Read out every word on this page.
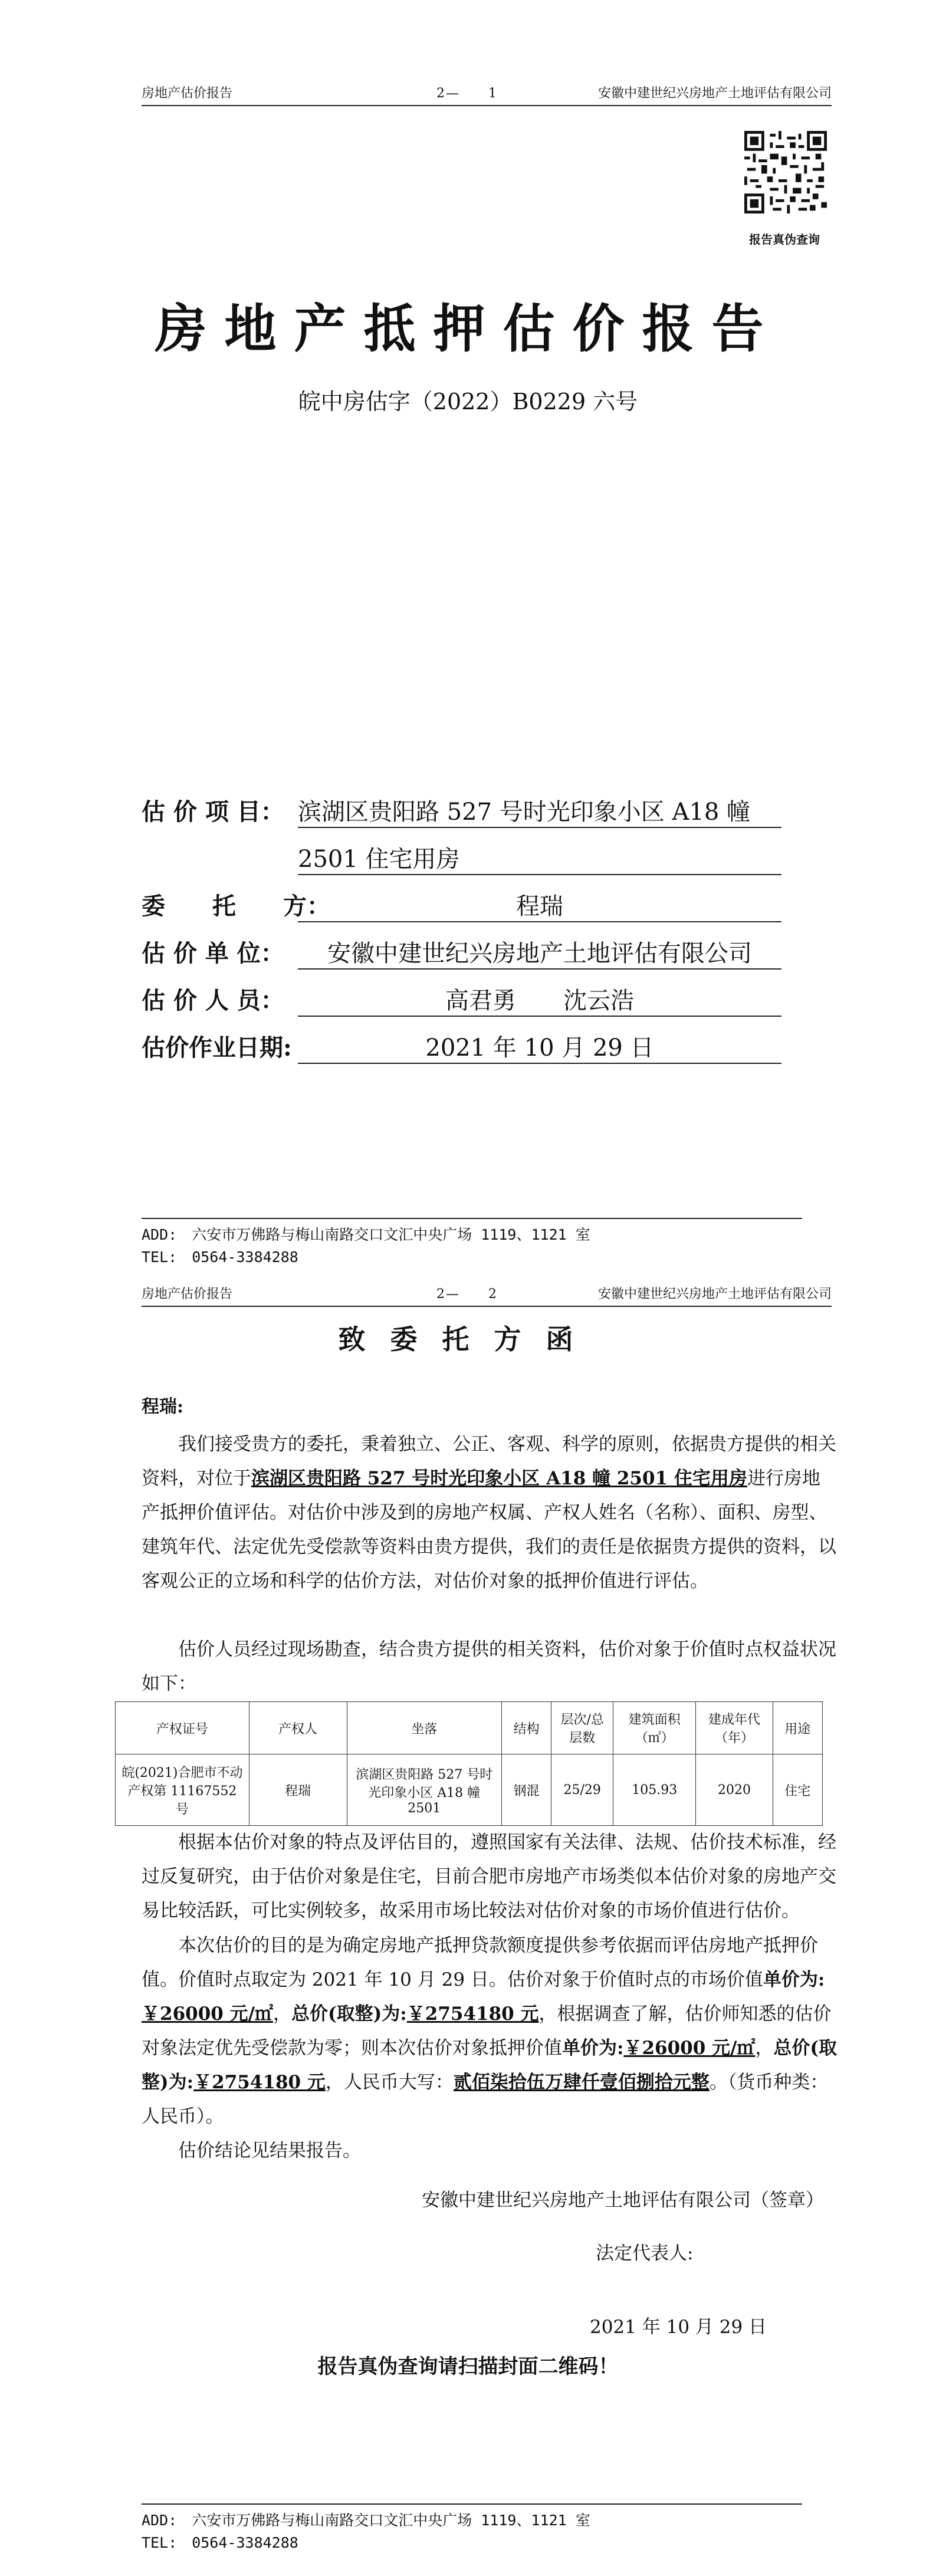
房地产估价报告	2—　　1	安徽中建世纪兴房地产土地评估有限公司
报告真伪查询
房地产抵押估价报告
皖中房估字（2022）B0229 六号
估 价 项 目： 滨湖区贵阳路 527 号时光印象小区 A18 幢
2501 住宅用房
委　　托　　方：	程瑞
估 价 单 位：	安徽中建世纪兴房地产土地评估有限公司
估 价 人 员：	高君勇　　沈云浩
估价作业日期:	2021 年 10 月 29 日
ADD:　六安市万佛路与梅山南路交口文汇中央广场 1119、1121 室
TEL:　0564-3384288
房地产估价报告	2—　　2	安徽中建世纪兴房地产土地评估有限公司
致委托方函
程瑞:
我们接受贵方的委托，秉着独立、公正、客观、科学的原则，依据贵方提供的相关资料，对位于滨湖区贵阳路 527 号时光印象小区 A18 幢 2501 住宅用房进行房地产抵押价值评估。对估价中涉及到的房地产权属、产权人姓名（名称）、面积、房型、建筑年代、法定优先受偿款等资料由贵方提供，我们的责任是依据贵方提供的资料，以客观公正的立场和科学的估价方法，对估价对象的抵押价值进行评估。
估价人员经过现场勘查，结合贵方提供的相关资料，估价对象于价值时点权益状况如下：
产权证号	产权人	坐落	结构	层次/总层数	建筑面积（㎡）	建成年代（年）	用途
皖(2021)合肥市不动产权第 11167552 号	程瑞	滨湖区贵阳路 527 号时光印象小区 A18 幢 2501	钢混	25/29	105.93	2020	住宅
根据本估价对象的特点及评估目的，遵照国家有关法律、法规、估价技术标准，经过反复研究，由于估价对象是住宅，目前合肥市房地产市场类似本估价对象的房地产交易比较活跃，可比实例较多，故采用市场比较法对估价对象的市场价值进行估价。
本次估价的目的是为确定房地产抵押贷款额度提供参考依据而评估房地产抵押价值。价值时点取定为 2021 年 10 月 29 日。估价对象于价值时点的市场价值单价为:￥26000 元/㎡，总价(取整)为:￥2754180 元，根据调查了解，估价师知悉的估价对象法定优先受偿款为零；则本次估价对象抵押价值单价为:￥26000 元/㎡，总价(取整)为:￥2754180 元，人民币大写：贰佰柒拾伍万肆仟壹佰捌拾元整。（货币种类：人民币）。
估价结论见结果报告。
安徽中建世纪兴房地产土地评估有限公司（签章）
法定代表人:
2021 年 10 月 29 日
报告真伪查询请扫描封面二维码！
ADD:　六安市万佛路与梅山南路交口文汇中央广场 1119、1121 室
TEL:　0564-3384288
